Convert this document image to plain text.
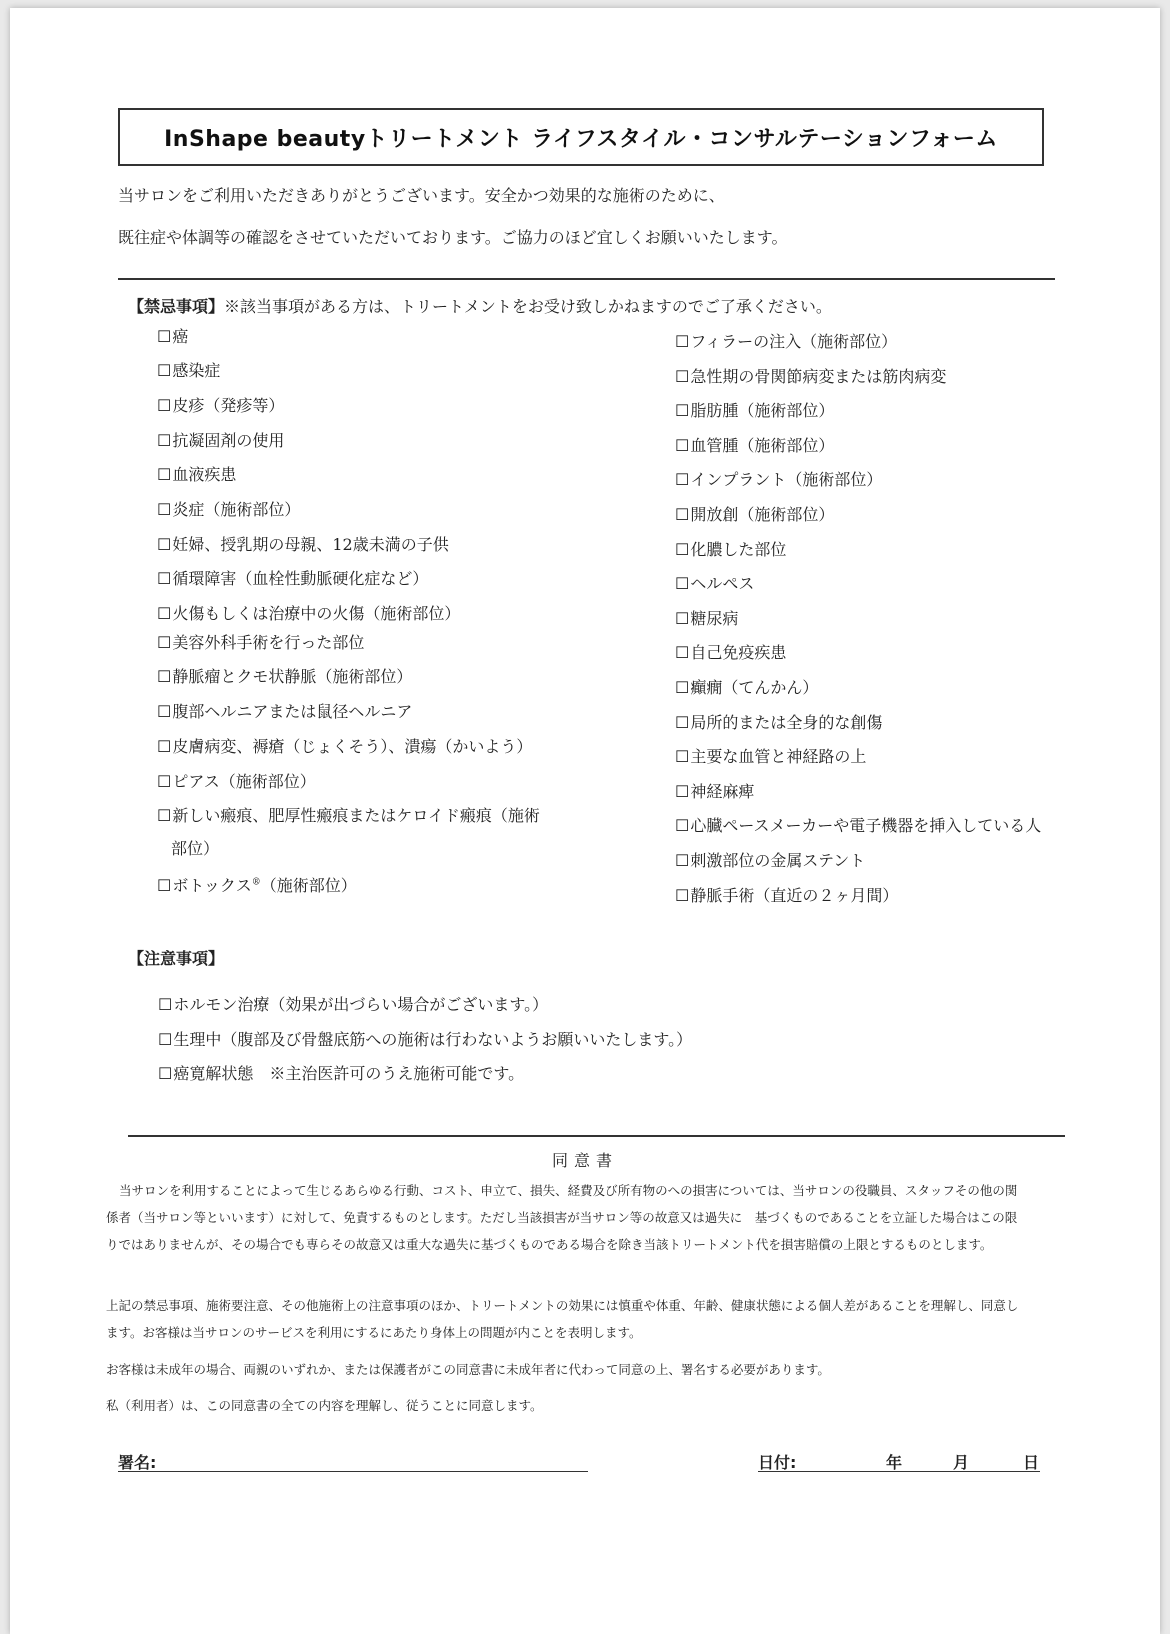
InShape beautyトリートメント ライフスタイル・コンサルテーションフォーム
当サロンをご利用いただきありがとうございます。安全かつ効果的な施術のために、
既往症や体調等の確認をさせていただいております。ご協力のほど宜しくお願いいたします。
【禁忌事項】※該当事項がある方は、トリートメントをお受け致しかねますのでご了承ください。
☐癌
☐感染症
☐皮疹（発疹等）
☐抗凝固剤の使用
☐血液疾患
☐炎症（施術部位）
☐妊婦、授乳期の母親、12歳未満の子供
☐循環障害（血栓性動脈硬化症など）
☐火傷もしくは治療中の火傷（施術部位）
☐美容外科手術を行った部位
☐静脈瘤とクモ状静脈（施術部位）
☐腹部ヘルニアまたは鼠径ヘルニア
☐皮膚病変、褥瘡（じょくそう）、潰瘍（かいよう）
☐ピアス（施術部位）
☐新しい瘢痕、肥厚性瘢痕またはケロイド瘢痕（施術
部位）
☐ボトックス®（施術部位）
☐フィラーの注入（施術部位）
☐急性期の骨関節病変または筋肉病変
☐脂肪腫（施術部位）
☐血管腫（施術部位）
☐インプラント（施術部位）
☐開放創（施術部位）
☐化膿した部位
☐ヘルペス
☐糖尿病
☐自己免疫疾患
☐癲癇（てんかん）
☐局所的または全身的な創傷
☐主要な血管と神経路の上
☐神経麻痺
☐心臓ペースメーカーや電子機器を挿入している人
☐刺激部位の金属ステント
☐静脈手術（直近の２ヶ月間）
【注意事項】
☐ホルモン治療（効果が出づらい場合がございます。）
☐生理中（腹部及び骨盤底筋への施術は行わないようお願いいたします。）
☐癌寛解状態　※主治医許可のうえ施術可能です。
同意書
当サロンを利用することによって生じるあらゆる行動、コスト、申立て、損失、経費及び所有物のへの損害については、当サロンの役職員、スタッフその他の関係者（当サロン等といいます）に対して、免責するものとします。ただし当該損害が当サロン等の故意又は過失に　基づくものであることを立証した場合はこの限りではありませんが、その場合でも専らその故意又は重大な過失に基づくものである場合を除き当該トリートメント代を損害賠償の上限とするものとします。
上記の禁忌事項、施術要注意、その他施術上の注意事項のほか、トリートメントの効果には慎重や体重、年齢、健康状態による個人差があることを理解し、同意します。お客様は当サロンのサービスを利用にするにあたり身体上の問題が内ことを表明します。
お客様は未成年の場合、両親のいずれか、または保護者がこの同意書に未成年者に代わって同意の上、署名する必要があります。
私（利用者）は、この同意書の全ての内容を理解し、従うことに同意します。
署名:	日付:	年	月	日
